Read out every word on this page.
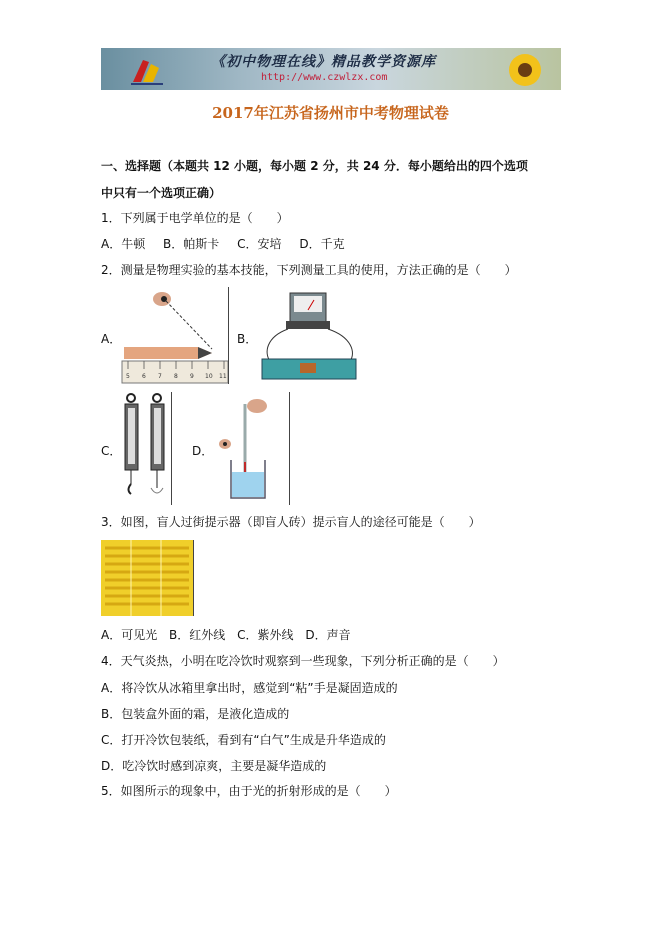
《初中物理在线》精品教学资源库
http://www.czwlzx.com
2017年江苏省扬州市中考物理试卷
一、选择题（本题共 12 小题，每小题 2 分，共 24 分．每小题给出的四个选项
中只有一个选项正确）
1．下列属于电学单位的是（　　）
A．牛顿 B．帕斯卡 C．安培 D．千克
2．测量是物理实验的基本技能，下列测量工具的使用，方法正确的是（　　）
A．
5 6 7 8 9 10 11
B．
C．	D．
3．如图，盲人过街提示器（即盲人砖）提示盲人的途径可能是（　　）
A．可见光 B．红外线 C．紫外线 D．声音
4．天气炎热，小明在吃冷饮时观察到一些现象，下列分析正确的是（　　）
A．将冷饮从冰箱里拿出时，感觉到“粘”手是凝固造成的
B．包装盒外面的霜，是液化造成的
C．打开冷饮包装纸，看到有“白气”生成是升华造成的
D．吃冷饮时感到凉爽，主要是凝华造成的
5．如图所示的现象中，由于光的折射形成的是（　　）
